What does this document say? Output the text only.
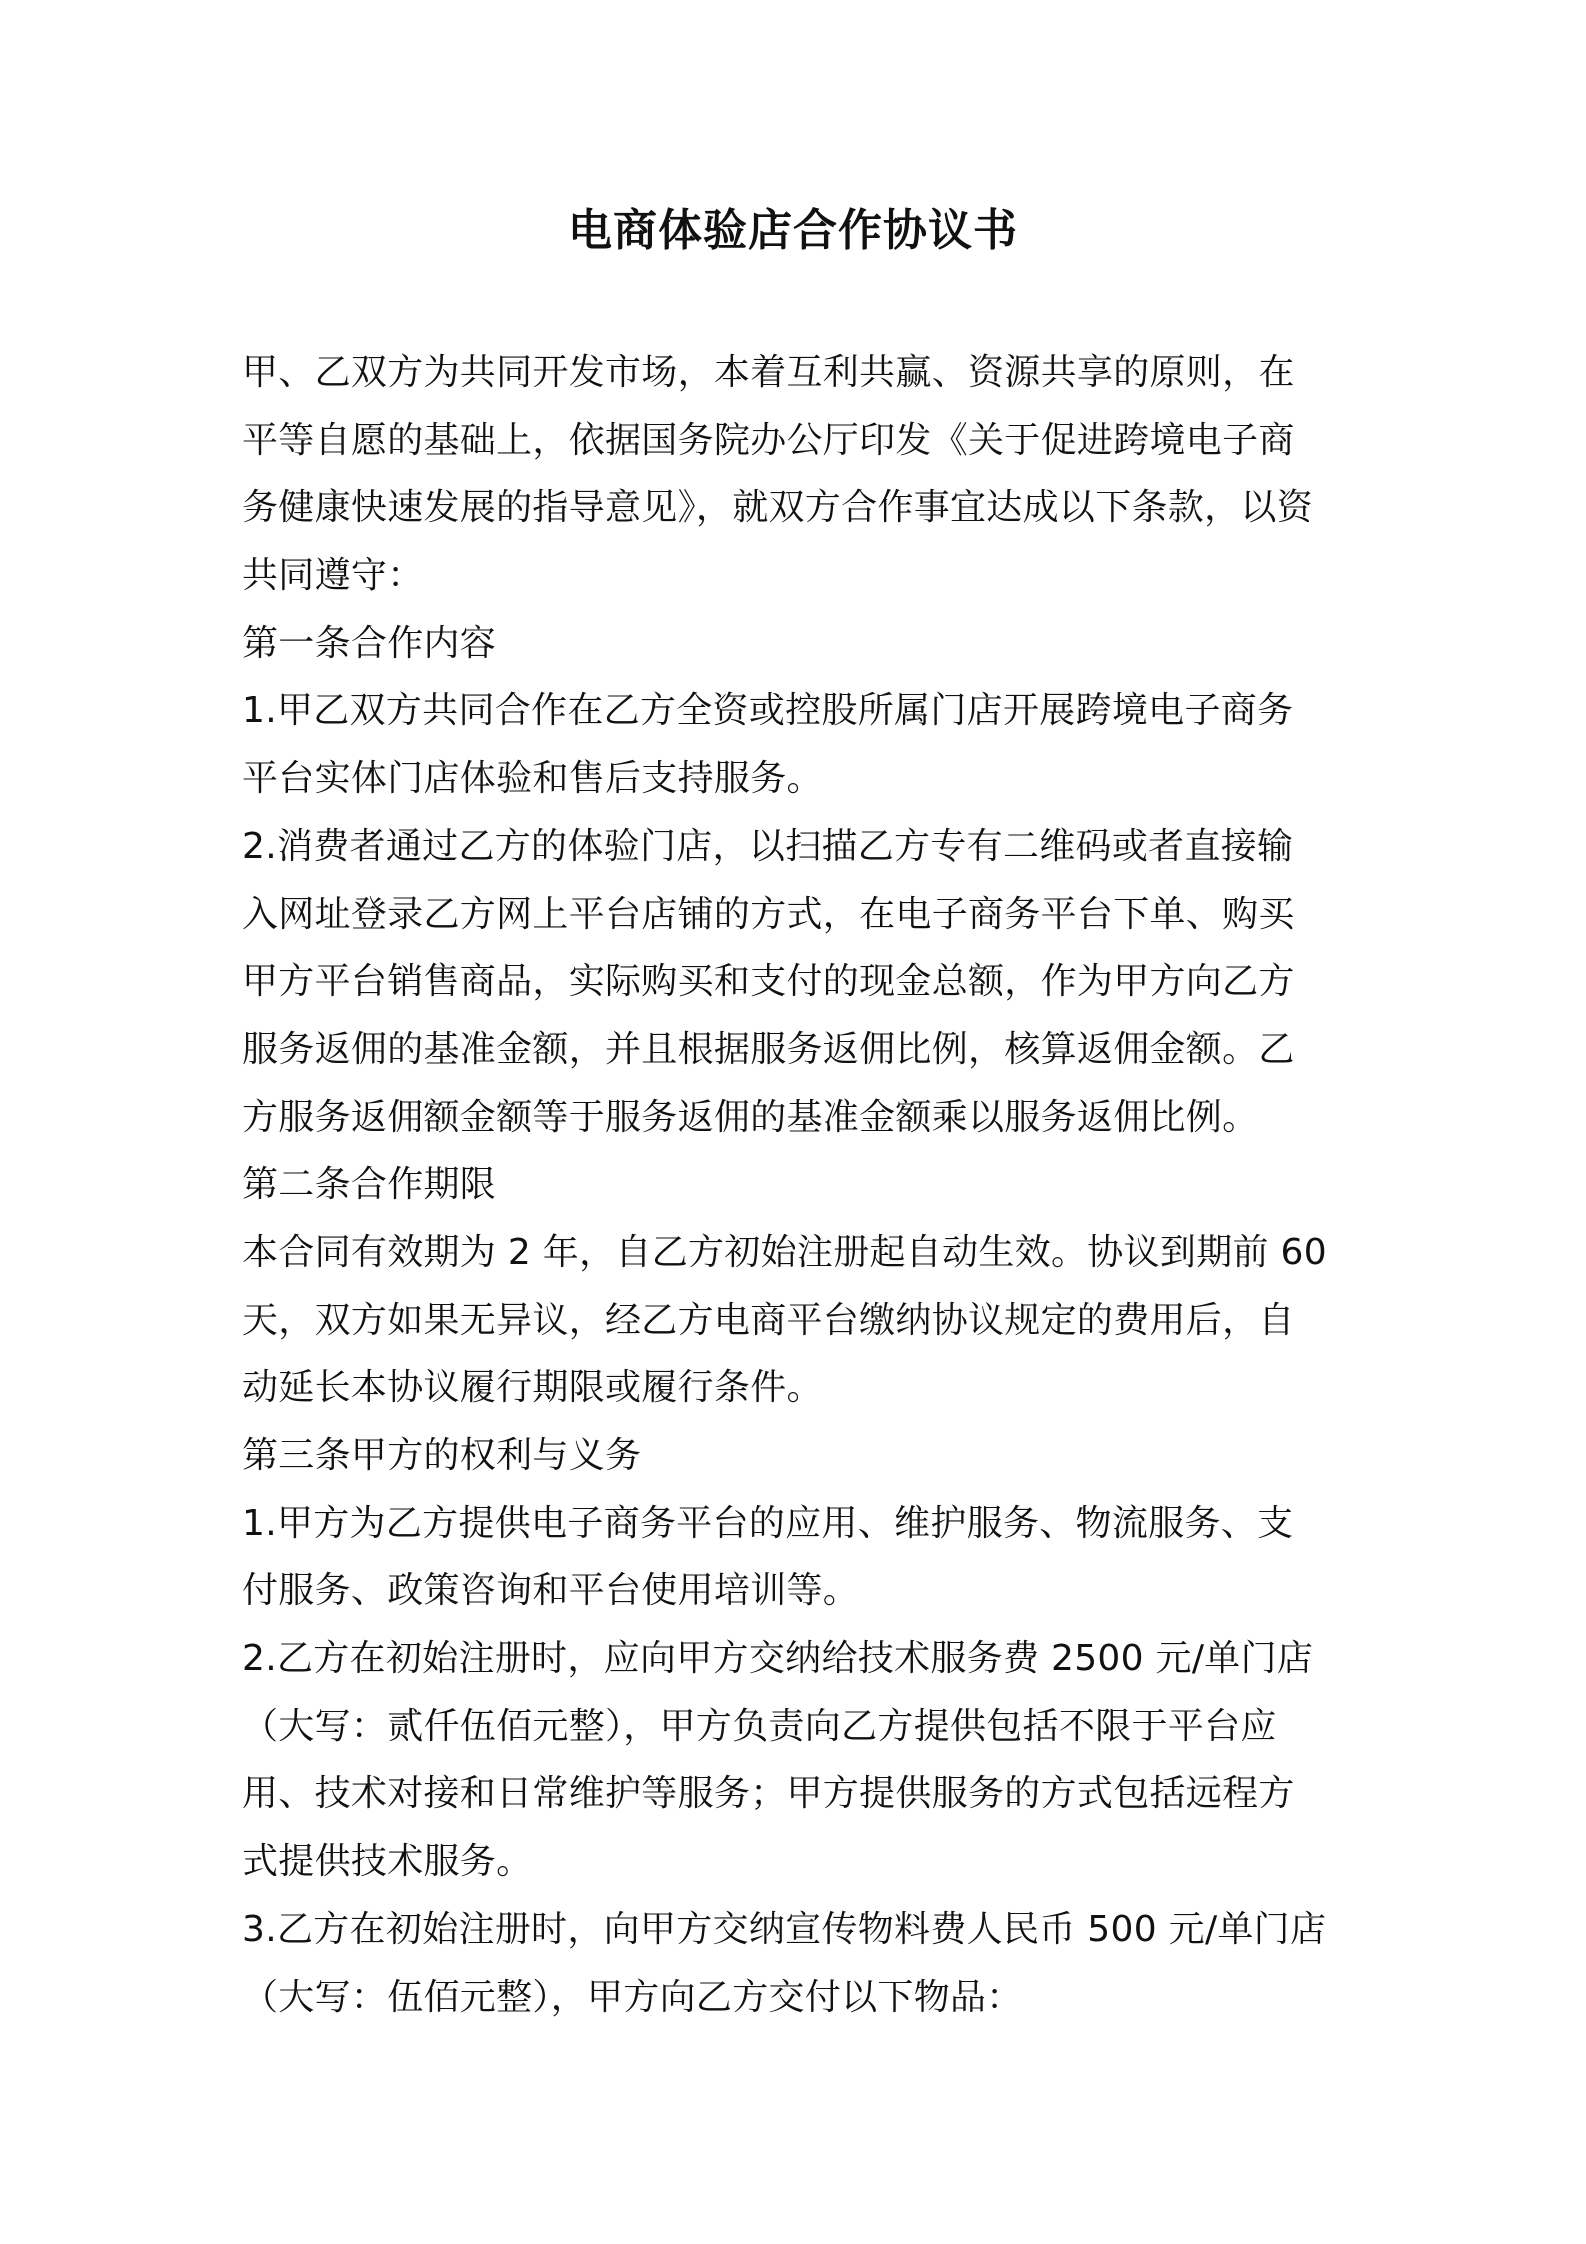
电商体验店合作协议书
甲、乙双方为共同开发市场，本着互利共赢、资源共享的原则，在
平等自愿的基础上，依据国务院办公厅印发《关于促进跨境电子商
务健康快速发展的指导意见》，就双方合作事宜达成以下条款，以资
共同遵守：
第一条合作内容
1.甲乙双方共同合作在乙方全资或控股所属门店开展跨境电子商务
平台实体门店体验和售后支持服务。
2.消费者通过乙方的体验门店，以扫描乙方专有二维码或者直接输
入网址登录乙方网上平台店铺的方式，在电子商务平台下单、购买
甲方平台销售商品，实际购买和支付的现金总额，作为甲方向乙方
服务返佣的基准金额，并且根据服务返佣比例，核算返佣金额。乙
方服务返佣额金额等于服务返佣的基准金额乘以服务返佣比例。
第二条合作期限
本合同有效期为 2 年，自乙方初始注册起自动生效。协议到期前 60
天，双方如果无异议，经乙方电商平台缴纳协议规定的费用后，自
动延长本协议履行期限或履行条件。
第三条甲方的权利与义务
1.甲方为乙方提供电子商务平台的应用、维护服务、物流服务、支
付服务、政策咨询和平台使用培训等。
2.乙方在初始注册时，应向甲方交纳给技术服务费 2500 元/单门店
（大写：贰仟伍佰元整），甲方负责向乙方提供包括不限于平台应
用、技术对接和日常维护等服务；甲方提供服务的方式包括远程方
式提供技术服务。
3.乙方在初始注册时，向甲方交纳宣传物料费人民币 500 元/单门店
（大写：伍佰元整），甲方向乙方交付以下物品：
